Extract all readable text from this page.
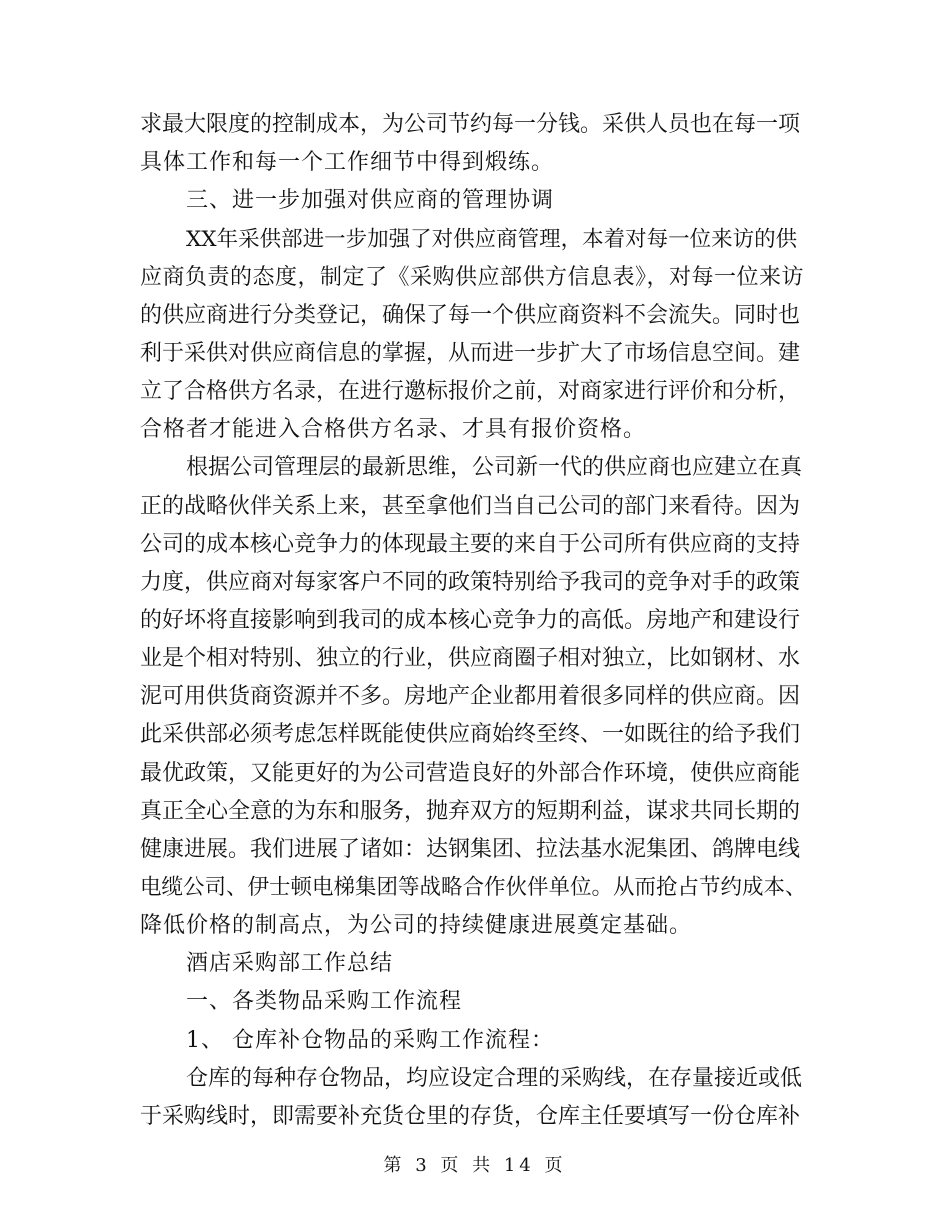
求最大限度的控制成本，为公司节约每一分钱。采供人员也在每一项
具体工作和每一个工作细节中得到煅练。
三、进一步加强对供应商的管理协调
XX年采供部进一步加强了对供应商管理，本着对每一位来访的供
应商负责的态度，制定了《采购供应部供方信息表》，对每一位来访
的供应商进行分类登记，确保了每一个供应商资料不会流失。同时也
利于采供对供应商信息的掌握，从而进一步扩大了市场信息空间。建
立了合格供方名录，在进行邀标报价之前，对商家进行评价和分析，
合格者才能进入合格供方名录、才具有报价资格。
根据公司管理层的最新思维，公司新一代的供应商也应建立在真
正的战略伙伴关系上来，甚至拿他们当自己公司的部门来看待。因为
公司的成本核心竞争力的体现最主要的来自于公司所有供应商的支持
力度，供应商对每家客户不同的政策特别给予我司的竞争对手的政策
的好坏将直接影响到我司的成本核心竞争力的高低。房地产和建设行
业是个相对特别、独立的行业，供应商圈子相对独立，比如钢材、水
泥可用供货商资源并不多。房地产企业都用着很多同样的供应商。因
此采供部必须考虑怎样既能使供应商始终至终、一如既往的给予我们
最优政策，又能更好的为公司营造良好的外部合作环境，使供应商能
真正全心全意的为东和服务，抛弃双方的短期利益，谋求共同长期的
健康进展。我们进展了诸如：达钢集团、拉法基水泥集团、鸽牌电线
电缆公司、伊士顿电梯集团等战略合作伙伴单位。从而抢占节约成本、
降低价格的制高点，为公司的持续健康进展奠定基础。
酒店采购部工作总结
一、各类物品采购工作流程
1、 仓库补仓物品的采购工作流程：
仓库的每种存仓物品，均应设定合理的采购线，在存量接近或低
于采购线时，即需要补充货仓里的存货，仓库主任要填写一份仓库补
第 3 页 共 14 页
